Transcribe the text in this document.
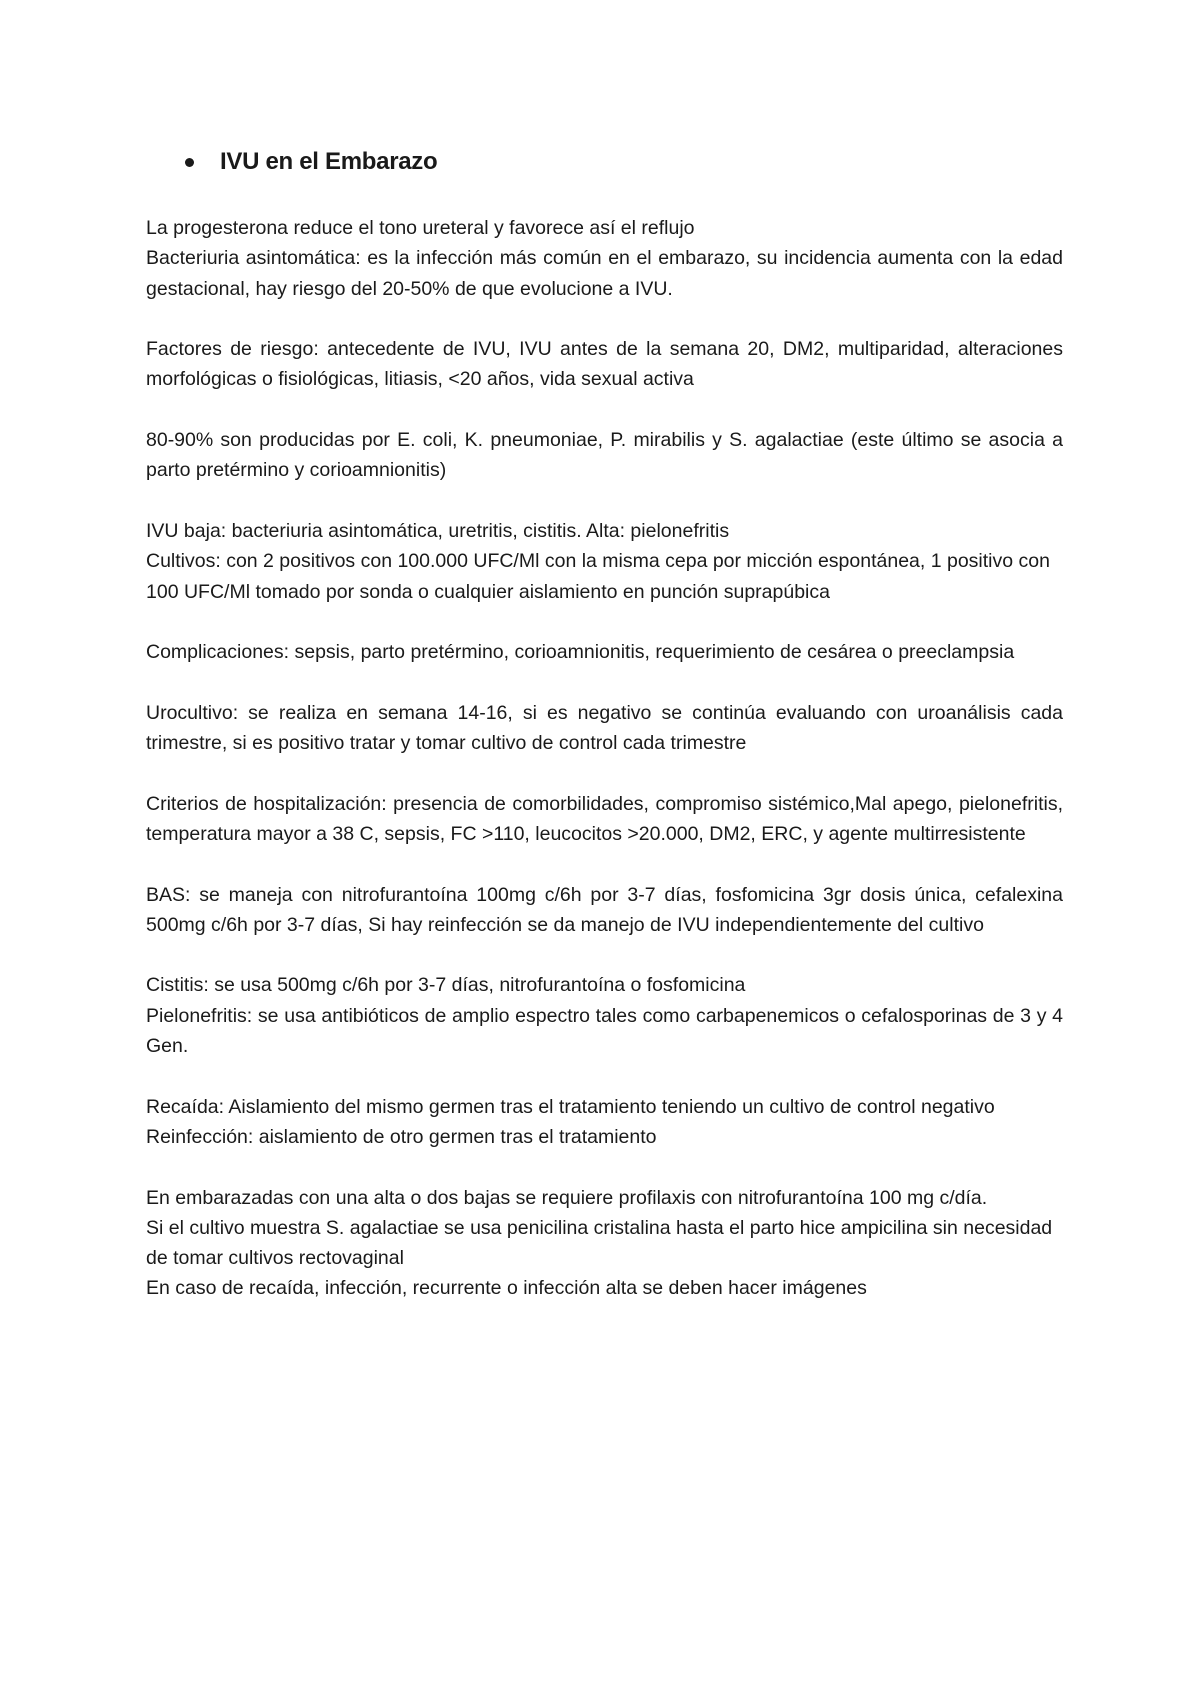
IVU en el Embarazo

La progesterona reduce el tono ureteral y favorece así el reflujo
Bacteriuria asintomática: es la infección más común en el embarazo, su incidencia aumenta con la edad gestacional, hay riesgo del 20-50% de que evolucione a IVU.

Factores de riesgo: antecedente de IVU, IVU antes de la semana 20, DM2, multiparidad, alteraciones morfológicas o fisiológicas, litiasis, <20 años, vida sexual activa

80-90% son producidas por E. coli, K. pneumoniae, P. mirabilis y S. agalactiae (este último se asocia a parto pretérmino y corioamnionitis)

IVU baja: bacteriuria asintomática, uretritis, cistitis. Alta: pielonefritis
Cultivos: con 2 positivos con 100.000 UFC/Ml con la misma cepa por micción espontánea, 1 positivo con 100 UFC/Ml tomado por sonda o cualquier aislamiento en punción suprapúbica

Complicaciones: sepsis, parto pretérmino, corioamnionitis, requerimiento de cesárea o preeclampsia

Urocultivo: se realiza en semana 14-16, si es negativo se continúa evaluando con uroanálisis cada trimestre, si es positivo tratar y tomar cultivo de control cada trimestre

Criterios de hospitalización: presencia de comorbilidades, compromiso sistémico,Mal apego, pielonefritis, temperatura mayor a 38 C, sepsis, FC >110, leucocitos >20.000, DM2, ERC, y agente multirresistente

BAS: se maneja con nitrofurantoína 100mg c/6h por 3-7 días, fosfomicina 3gr dosis única, cefalexina 500mg c/6h por 3-7 días, Si hay reinfección se da manejo de IVU independientemente del cultivo

Cistitis: se usa 500mg c/6h por 3-7 días, nitrofurantoína o fosfomicina
Pielonefritis: se usa antibióticos de amplio espectro tales como carbapenemicos o cefalosporinas de 3 y 4 Gen.

Recaída: Aislamiento del mismo germen tras el tratamiento teniendo un cultivo de control negativo
Reinfección: aislamiento de otro germen tras el tratamiento

En embarazadas con una alta o dos bajas se requiere profilaxis con nitrofurantoína 100 mg c/día.
Si el cultivo muestra S. agalactiae se usa penicilina cristalina hasta el parto hice ampicilina sin necesidad de tomar cultivos rectovaginal
En caso de recaída, infección, recurrente o infección alta se deben hacer imágenes
